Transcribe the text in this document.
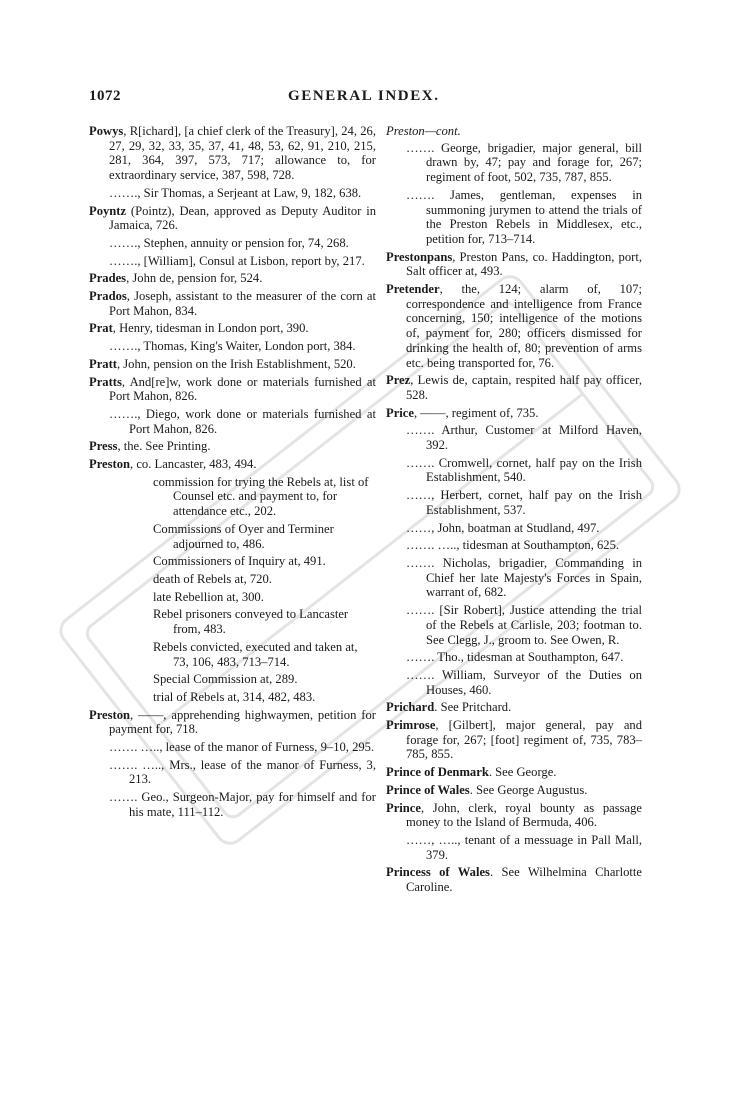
1072	GENERAL INDEX.
Powys, R[ichard], [a chief clerk of the Treasury], 24, 26, 27, 29, 32, 33, 35, 37, 41, 48, 53, 62, 91, 210, 215, 281, 364, 397, 573, 717; allowance to, for extraordinary service, 387, 598, 728.
……., Sir Thomas, a Serjeant at Law, 9, 182, 638.
Poyntz (Pointz), Dean, approved as Deputy Auditor in Jamaica, 726.
……., Stephen, annuity or pension for, 74, 268.
……., [William], Consul at Lisbon, report by, 217.
Prades, John de, pension for, 524.
Prados, Joseph, assistant to the measurer of the corn at Port Mahon, 834.
Prat, Henry, tidesman in London port, 390.
……., Thomas, King's Waiter, London port, 384.
Pratt, John, pension on the Irish Establishment, 520.
Pratts, And[re]w, work done or materials furnished at Port Mahon, 826.
……., Diego, work done or materials furnished at Port Mahon, 826.
Press, the. See Printing.
Preston, co. Lancaster, 483, 494.
commission for trying the Rebels at, list of Counsel etc. and payment to, for attendance etc., 202.
Commissions of Oyer and Terminer adjourned to, 486.
Commissioners of Inquiry at, 491.
death of Rebels at, 720.
late Rebellion at, 300.
Rebel prisoners conveyed to Lancaster from, 483.
Rebels convicted, executed and taken at, 73, 106, 483, 713–714.
Special Commission at, 289.
trial of Rebels at, 314, 482, 483.
Preston, ——, apprehending highwaymen, petition for payment for, 718.
……. ….., lease of the manor of Furness, 9–10, 295.
……. ….., Mrs., lease of the manor of Furness, 3, 213.
……. Geo., Surgeon-Major, pay for himself and for his mate, 111–112.
Preston—cont.
……. George, brigadier, major general, bill drawn by, 47; pay and forage for, 267; regiment of foot, 502, 735, 787, 855.
……. James, gentleman, expenses in summoning jurymen to attend the trials of the Preston Rebels in Middlesex, etc., petition for, 713–714.
Prestonpans, Preston Pans, co. Haddington, port, Salt officer at, 493.
Pretender, the, 124; alarm of, 107; correspondence and intelligence from France concerning, 150; intelligence of the motions of, payment for, 280; officers dismissed for drinking the health of, 80; prevention of arms etc. being transported for, 76.
Prez, Lewis de, captain, respited half pay officer, 528.
Price, ——, regiment of, 735.
……. Arthur, Customer at Milford Haven, 392.
……. Cromwell, cornet, half pay on the Irish Establishment, 540.
……, Herbert, cornet, half pay on the Irish Establishment, 537.
……, John, boatman at Studland, 497.
……. ….., tidesman at Southampton, 625.
……. Nicholas, brigadier, Commanding in Chief her late Majesty's Forces in Spain, warrant of, 682.
……. [Sir Robert], Justice attending the trial of the Rebels at Carlisle, 203; footman to. See Clegg, J., groom to. See Owen, R.
……. Tho., tidesman at Southampton, 647.
……. William, Surveyor of the Duties on Houses, 460.
Prichard. See Pritchard.
Primrose, [Gilbert], major general, pay and forage for, 267; [foot] regiment of, 735, 783–785, 855.
Prince of Denmark. See George.
Prince of Wales. See George Augustus.
Prince, John, clerk, royal bounty as passage money to the Island of Bermuda, 406.
……, ….., tenant of a messuage in Pall Mall, 379.
Princess of Wales. See Wilhelmina Charlotte Caroline.
